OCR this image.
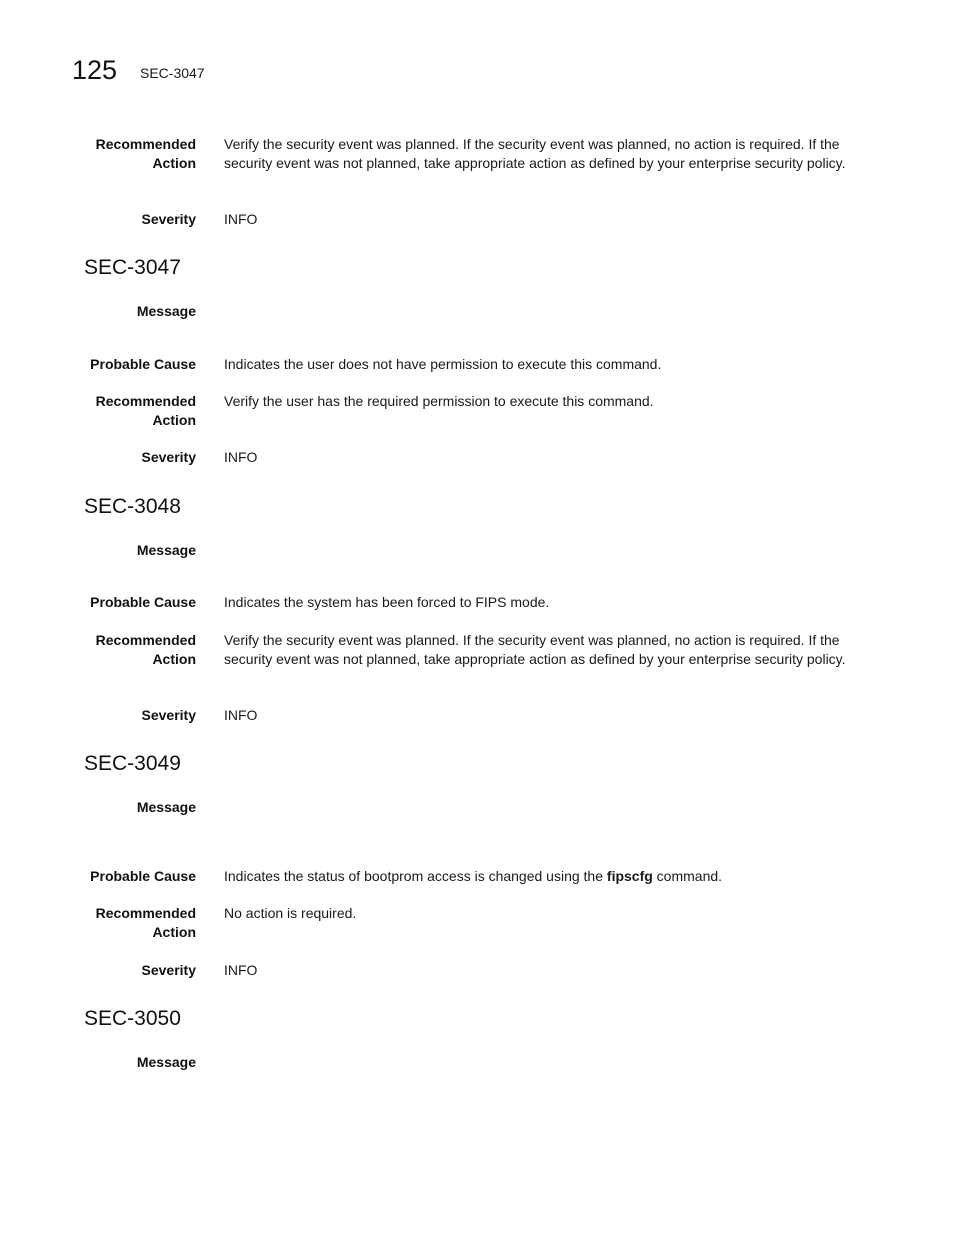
125 SEC-3047
Recommended
Action
Verify the security event was planned. If the security event was planned, no action is required. If the security event was not planned, take appropriate action as defined by your enterprise security policy.
Severity INFO
SEC-3047
Message
Probable Cause Indicates the user does not have permission to execute this command.
Recommended
Action
Verify the user has the required permission to execute this command.
Severity INFO
SEC-3048
Message
Probable Cause Indicates the system has been forced to FIPS mode.
Recommended
Action
Verify the security event was planned. If the security event was planned, no action is required. If the security event was not planned, take appropriate action as defined by your enterprise security policy.
Severity INFO
SEC-3049
Message
Probable Cause Indicates the status of bootprom access is changed using the fipscfg command.
Recommended
Action
No action is required.
Severity INFO
SEC-3050
Message
